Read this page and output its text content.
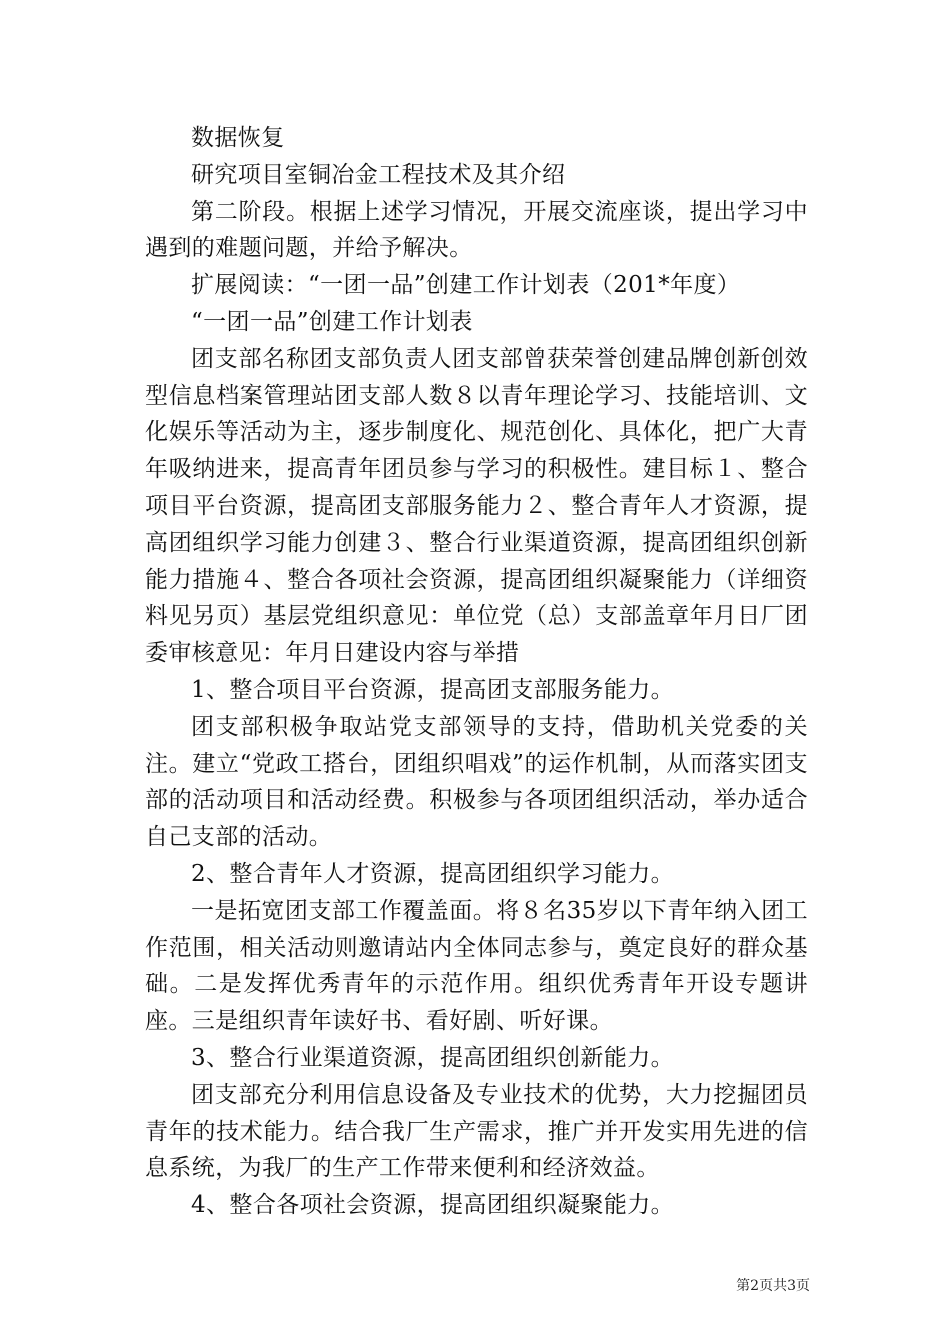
数据恢复

研究项目室铜冶金工程技术及其介绍

第二阶段。根据上述学习情况，开展交流座谈，提出学习中遇到的难题问题，并给予解决。

扩展阅读：“一团一品”创建工作计划表（201*年度）

“一团一品”创建工作计划表

团支部名称团支部负责人团支部曾获荣誉创建品牌创新创效型信息档案管理站团支部人数８以青年理论学习、技能培训、文化娱乐等活动为主，逐步制度化、规范创化、具体化，把广大青年吸纳进来，提高青年团员参与学习的积极性。建目标１、整合项目平台资源，提高团支部服务能力２、整合青年人才资源，提高团组织学习能力创建３、整合行业渠道资源，提高团组织创新能力措施４、整合各项社会资源，提高团组织凝聚能力（详细资料见另页）基层党组织意见：单位党（总）支部盖章年月日厂团委审核意见：年月日建设内容与举措

1、整合项目平台资源，提高团支部服务能力。

团支部积极争取站党支部领导的支持，借助机关党委的关注。建立“党政工搭台，团组织唱戏”的运作机制，从而落实团支部的活动项目和活动经费。积极参与各项团组织活动，举办适合自己支部的活动。

2、整合青年人才资源，提高团组织学习能力。

一是拓宽团支部工作覆盖面。将８名35岁以下青年纳入团工作范围，相关活动则邀请站内全体同志参与，奠定良好的群众基础。二是发挥优秀青年的示范作用。组织优秀青年开设专题讲座。三是组织青年读好书、看好剧、听好课。

3、整合行业渠道资源，提高团组织创新能力。

团支部充分利用信息设备及专业技术的优势，大力挖掘团员青年的技术能力。结合我厂生产需求，推广并开发实用先进的信息系统，为我厂的生产工作带来便利和经济效益。

4、整合各项社会资源，提高团组织凝聚能力。

第2页共3页
